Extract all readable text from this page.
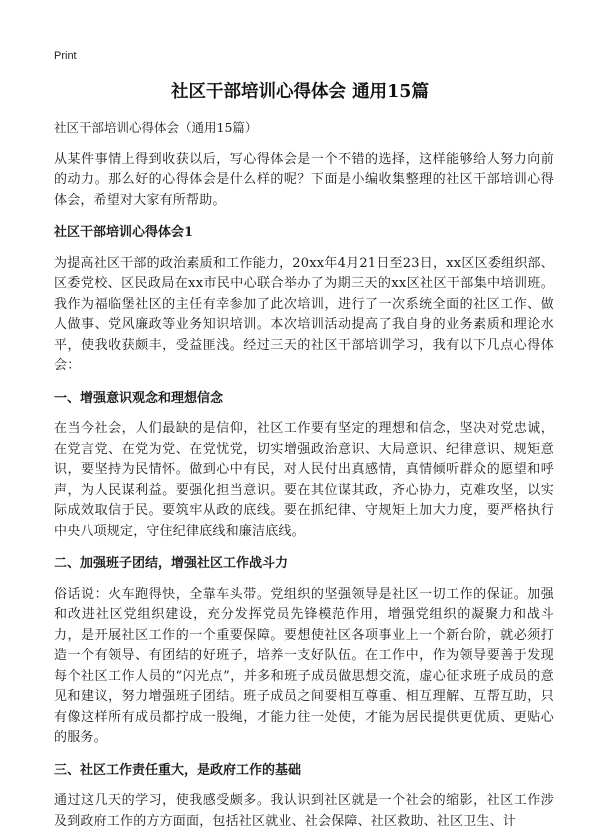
Print
社区干部培训心得体会 通用15篇

社区干部培训心得体会（通用15篇）

从某件事情上得到收获以后，写心得体会是一个不错的选择，这样能够给人努力向前的动力。那么好的心得体会是什么样的呢？下面是小编收集整理的社区干部培训心得体会，希望对大家有所帮助。

社区干部培训心得体会1

为提高社区干部的政治素质和工作能力，20xx年4月21日至23日，xx区区委组织部、区委党校、区民政局在xx市民中心联合举办了为期三天的xx区社区干部集中培训班。我作为福临堡社区的主任有幸参加了此次培训，进行了一次系统全面的社区工作、做人做事、党风廉政等业务知识培训。本次培训活动提高了我自身的业务素质和理论水平，使我收获颇丰，受益匪浅。经过三天的社区干部培训学习，我有以下几点心得体会：

一、增强意识观念和理想信念

在当今社会，人们最缺的是信仰，社区工作要有坚定的理想和信念，坚决对党忠诚，在党言党、在党为党、在党忧党，切实增强政治意识、大局意识、纪律意识、规矩意识，要坚持为民情怀。做到心中有民，对人民付出真感情，真情倾听群众的愿望和呼声，为人民谋利益。要强化担当意识。要在其位谋其政，齐心协力，克难攻坚，以实际成效取信于民。要筑牢从政的底线。要在抓纪律、守规矩上加大力度，要严格执行中央八项规定，守住纪律底线和廉洁底线。

二、加强班子团结，增强社区工作战斗力

俗话说：火车跑得快，全靠车头带。党组织的坚强领导是社区一切工作的保证。加强和改进社区党组织建设，充分发挥党员先锋模范作用，增强党组织的凝聚力和战斗力，是开展社区工作的一个重要保障。要想使社区各项事业上一个新台阶，就必须打造一个有领导、有团结的好班子，培养一支好队伍。在工作中，作为领导要善于发现每个社区工作人员的“闪光点”，并多和班子成员做思想交流，虚心征求班子成员的意见和建议，努力增强班子团结。班子成员之间要相互尊重、相互理解、互帮互助，只有像这样所有成员都拧成一股绳，才能力往一处使，才能为居民提供更优质、更贴心的服务。

三、社区工作责任重大，是政府工作的基础

通过这几天的学习，使我感受颇多。我认识到社区就是一个社会的缩影，社区工作涉及到政府工作的方方面面，包括社区就业、社会保障、社区救助、社区卫生、计
